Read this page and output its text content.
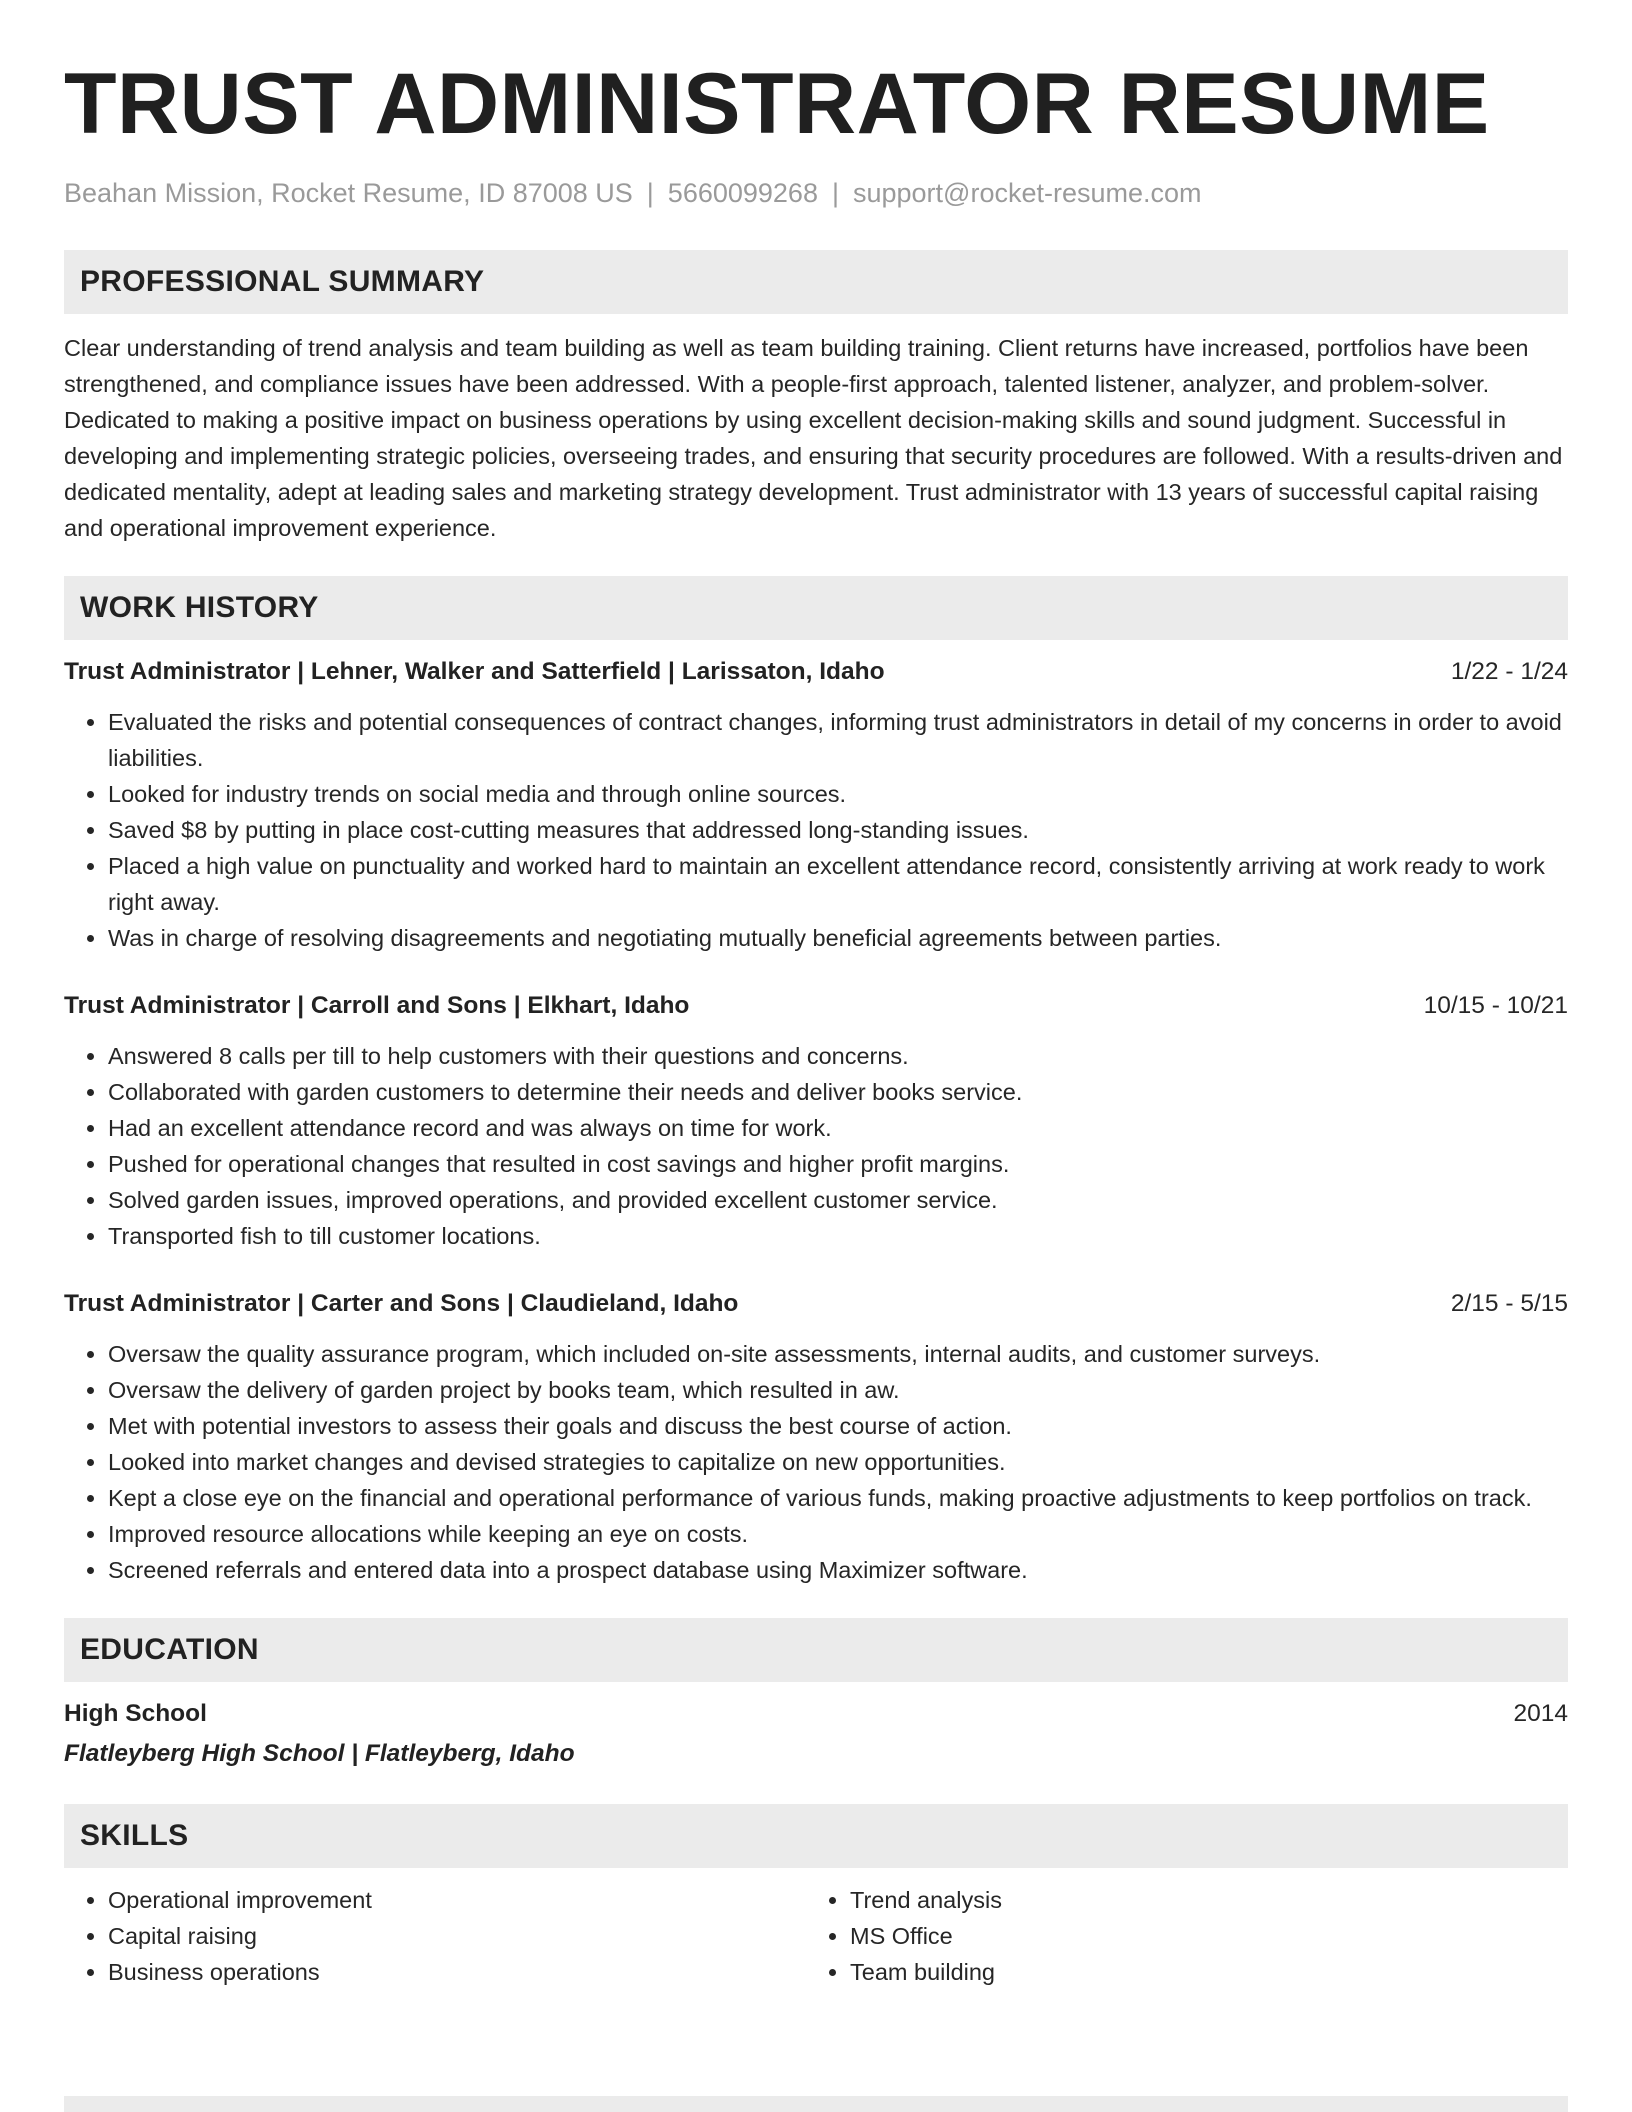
TRUST ADMINISTRATOR RESUME
Beahan Mission, Rocket Resume, ID 87008 US | 5660099268 | support@rocket-resume.com
PROFESSIONAL SUMMARY

Clear understanding of trend analysis and team building as well as team building training. Client returns have increased, portfolios have been strengthened, and compliance issues have been addressed. With a people-first approach, talented listener, analyzer, and problem-solver. Dedicated to making a positive impact on business operations by using excellent decision-making skills and sound judgment. Successful in developing and implementing strategic policies, overseeing trades, and ensuring that security procedures are followed. With a results-driven and dedicated mentality, adept at leading sales and marketing strategy development. Trust administrator with 13 years of successful capital raising and operational improvement experience.

WORK HISTORY
Trust Administrator | Lehner, Walker and Satterfield | Larissaton, Idaho	1/22 - 1/24
• Evaluated the risks and potential consequences of contract changes, informing trust administrators in detail of my concerns in order to avoid liabilities.
• Looked for industry trends on social media and through online sources.
• Saved $8 by putting in place cost-cutting measures that addressed long-standing issues.
• Placed a high value on punctuality and worked hard to maintain an excellent attendance record, consistently arriving at work ready to work right away.
• Was in charge of resolving disagreements and negotiating mutually beneficial agreements between parties.
Trust Administrator | Carroll and Sons | Elkhart, Idaho	10/15 - 10/21
• Answered 8 calls per till to help customers with their questions and concerns.
• Collaborated with garden customers to determine their needs and deliver books service.
• Had an excellent attendance record and was always on time for work.
• Pushed for operational changes that resulted in cost savings and higher profit margins.
• Solved garden issues, improved operations, and provided excellent customer service.
• Transported fish to till customer locations.
Trust Administrator | Carter and Sons | Claudieland, Idaho	2/15 - 5/15
• Oversaw the quality assurance program, which included on-site assessments, internal audits, and customer surveys.
• Oversaw the delivery of garden project by books team, which resulted in aw.
• Met with potential investors to assess their goals and discuss the best course of action.
• Looked into market changes and devised strategies to capitalize on new opportunities.
• Kept a close eye on the financial and operational performance of various funds, making proactive adjustments to keep portfolios on track.
• Improved resource allocations while keeping an eye on costs.
• Screened referrals and entered data into a prospect database using Maximizer software.
EDUCATION
High School	2014
Flatleyberg High School | Flatleyberg, Idaho
SKILLS
• Operational improvement
• Capital raising
• Business operations
• Trend analysis
• MS Office
• Team building
